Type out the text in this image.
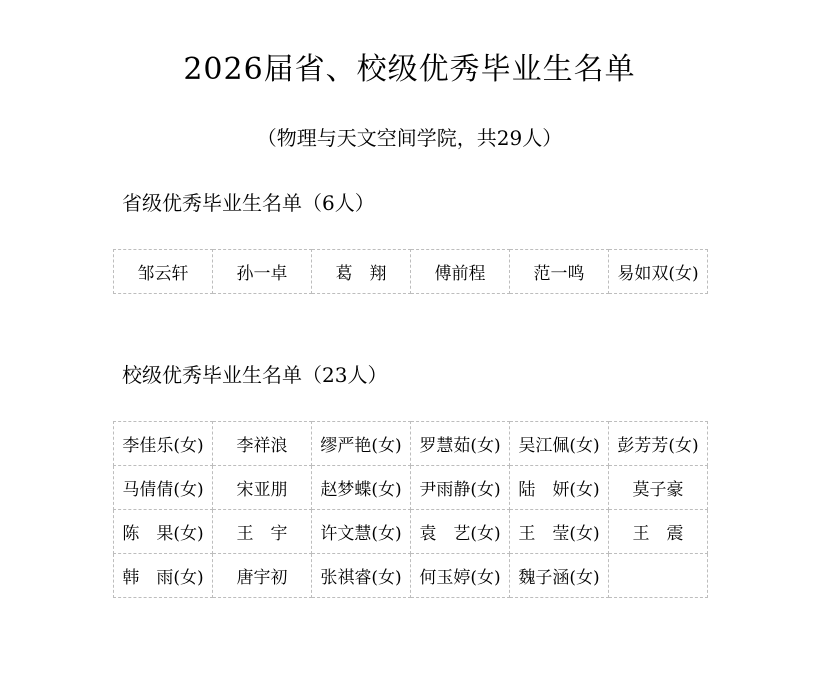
2026届省、校级优秀毕业生名单
（物理与天文空间学院，共29人）
省级优秀毕业生名单（6人）
邹云轩	孙一卓	葛　翔	傅前程	范一鸣	易如双(女)
校级优秀毕业生名单（23人）
李佳乐(女)	李祥浪	缪严艳(女)	罗慧茹(女)	吴江佩(女)	彭芳芳(女)
马倩倩(女)	宋亚朋	赵梦蝶(女)	尹雨静(女)	陆　妍(女)	莫子豪
陈　果(女)	王　宇	许文慧(女)	袁　艺(女)	王　莹(女)	王　震
韩　雨(女)	唐宇初	张祺睿(女)	何玉婷(女)	魏子涵(女)	
